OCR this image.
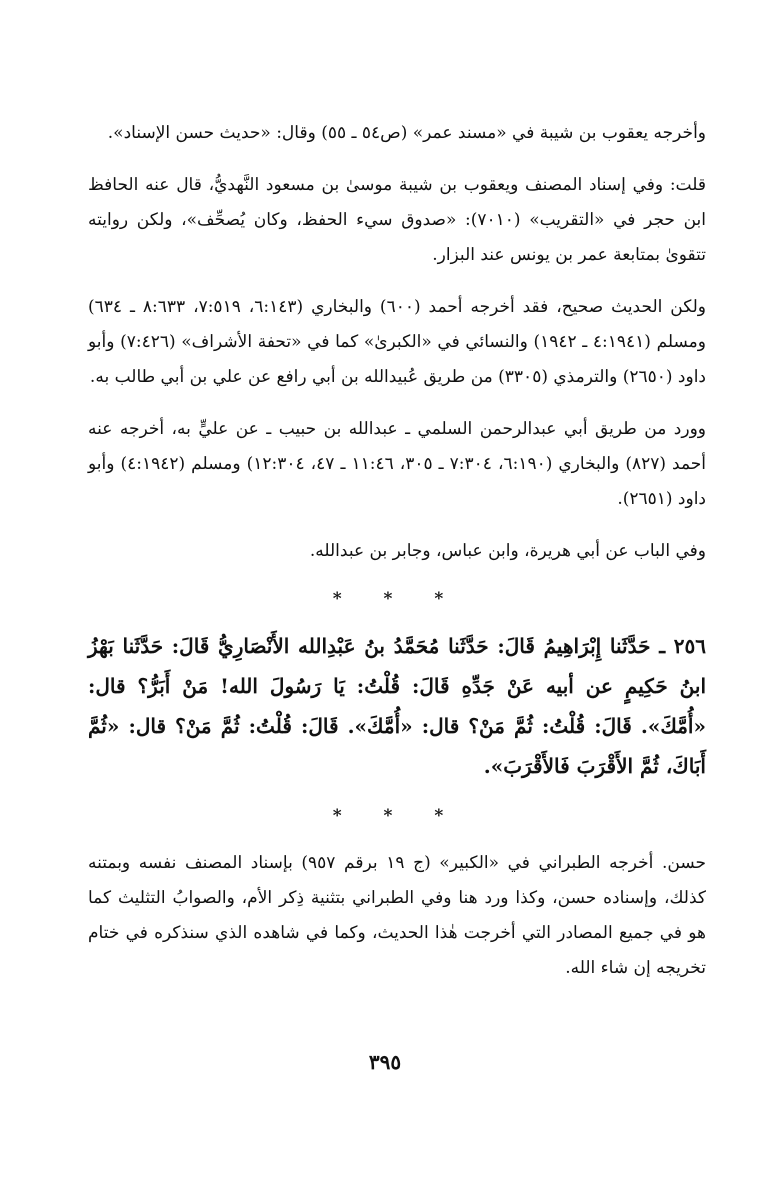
وأخرجه يعقوب بن شيبة في «مسند عمر» (ص٥٤ ـ ٥٥) وقال: «حديث حسن الإسناد».

قلت: وفي إسناد المصنف ويعقوب بن شيبة موسىٰ بن مسعود النَّهديُّ، قال عنه الحافظ ابن حجر في «التقريب» (٧٠١٠): «صدوق سيء الحفظ، وكان يُصحِّف»، ولكن روايته تتقوىٰ بمتابعة عمر بن يونس عند البزار.

ولكن الحديث صحيح، فقد أخرجه أحمد (٦٠٠) والبخاري (٦:١٤٣، ٧:٥١٩، ٨:٦٣٣ ـ ٦٣٤) ومسلم (٤:١٩٤١ ـ ١٩٤٢) والنسائي في «الكبرىٰ» كما في «تحفة الأشراف» (٧:٤٢٦) وأبو داود (٢٦٥٠) والترمذي (٣٣٠٥) من طريق عُبيدالله بن أبي رافع عن علي بن أبي طالب به.

وورد من طريق أبي عبدالرحمن السلمي ـ عبدالله بن حبيب ـ عن عليٍّ به، أخرجه عنه أحمد (٨٢٧) والبخاري (٦:١٩٠، ٧:٣٠٤ ـ ٣٠٥، ١١:٤٦ ـ ٤٧، ١٢:٣٠٤) ومسلم (٤:١٩٤٢) وأبو داود (٢٦٥١).

وفي الباب عن أبي هريرة، وابن عباس، وجابر بن عبدالله.

* * *

٢٥٦ ـ حَدَّثَنا إِبْرَاهِيمُ قَالَ: حَدَّثَنا مُحَمَّدُ بنُ عَبْدِالله الأَنْصَارِيُّ قَالَ: حَدَّثَنا بَهْزُ ابنُ حَكِيمٍ عن أبيه عَنْ جَدِّهِ قَالَ: قُلْتُ: يَا رَسُولَ الله! مَنْ أَبَرُّ؟ قال: «أُمَّكَ». قَالَ: قُلْتُ: ثُمَّ مَنْ؟ قال: «أُمَّكَ». قَالَ: قُلْتُ: ثُمَّ مَنْ؟ قال: «ثُمَّ أَبَاكَ، ثُمَّ الأَقْرَبَ فَالأَقْرَبَ».

* * *

حسن. أخرجه الطبراني في «الكبير» (ج ١٩ برقم ٩٥٧) بإسناد المصنف نفسه وبمتنه كذلك، وإسناده حسن، وكذا ورد هنا وفي الطبراني بتثنية ذِكر الأم، والصوابُ التثليث كما هو في جميع المصادر التي أخرجت هٰذا الحديث، وكما في شاهده الذي سنذكره في ختام تخريجه إن شاء الله.

٣٩٥
